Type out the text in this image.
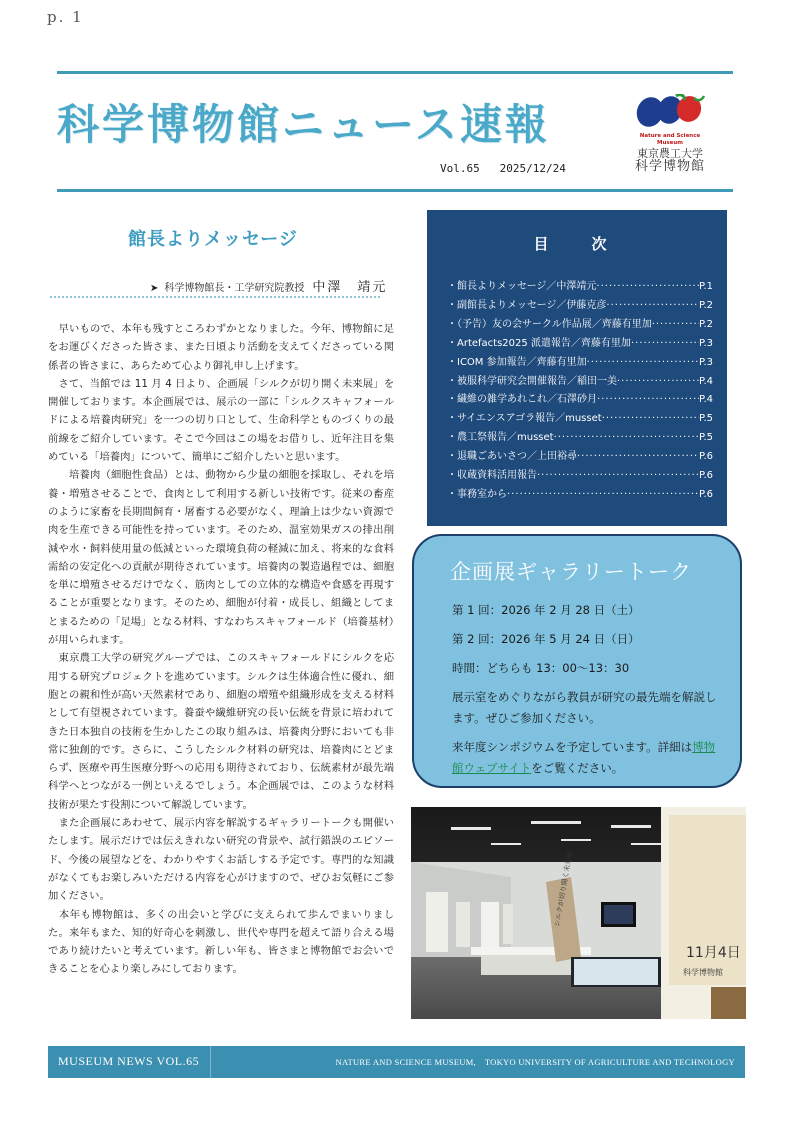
p. 1
科学博物館ニュース速報	Nature and Science Museum
東京農工大学
科学博物館
Vol.65   2025/12/24
館長よりメッセージ
➤ 科学博物館長・工学研究院教授 中澤　靖元

　早いもので、本年も残すところわずかとなりました。今年、博物館に足をお運びくださった皆さま、また日頃より活動を支えてくださっている関係者の皆さまに、あらためて心より御礼申し上げます。

　さて、当館では 11 月 4 日より、企画展「シルクが切り開く未来展」を開催しております。本企画展では、展示の一部に「シルクスキャフォールドによる培養肉研究」を一つの切り口として、生命科学とものづくりの最前線をご紹介しています。そこで今回はこの場をお借りし、近年注目を集めている「培養肉」について、簡単にご紹介したいと思います。

　　培養肉（細胞性食品）とは、動物から少量の細胞を採取し、それを培養・増殖させることで、食肉として利用する新しい技術です。従来の畜産のように家畜を長期間飼育・屠畜する必要がなく、理論上は少ない資源で肉を生産できる可能性を持っています。そのため、温室効果ガスの排出削減や水・飼料使用量の低減といった環境負荷の軽減に加え、将来的な食料需給の安定化への貢献が期待されています。培養肉の製造過程では、細胞を単に増殖させるだけでなく、筋肉としての立体的な構造や食感を再現することが重要となります。そのため、細胞が付着・成長し、組織としてまとまるための「足場」となる材料、すなわちスキャフォールド（培養基材）が用いられます。

　東京農工大学の研究グループでは、このスキャフォールドにシルクを応用する研究プロジェクトを進めています。シルクは生体適合性に優れ、細胞との親和性が高い天然素材であり、細胞の増殖や組織形成を支える材料として有望視されています。養蚕や繊維研究の長い伝統を背景に培われてきた日本独自の技術を生かしたこの取り組みは、培養肉分野においても非常に独創的です。さらに、こうしたシルク材料の研究は、培養肉にとどまらず、医療や再生医療分野への応用も期待されており、伝統素材が最先端科学へとつながる一例といえるでしょう。本企画展では、このような材料技術が果たす役割について解説しています。

　また企画展にあわせて、展示内容を解説するギャラリートークも開催いたします。展示だけでは伝えきれない研究の背景や、試行錯誤のエピソード、今後の展望などを、わかりやすくお話しする予定です。専門的な知識がなくてもお楽しみいただける内容を心がけますので、ぜひお気軽にご参加ください。

　本年も博物館は、多くの出会いと学びに支えられて歩んでまいりました。来年もまた、知的好奇心を刺激し、世代や専門を超えて語り合える場であり続けたいと考えています。新しい年も、皆さまと博物館でお会いできることを心より楽しみにしております。

目　次
・館長よりメッセージ／中澤靖元 ·····	P.1
・副館長よりメッセージ／伊藤克彦 ·····	P.2
・（予告）友の会サークル作品展／齊藤有里加 ·····	P.2
・Artefacts2025 派遣報告／齊藤有里加 ·····	P.3
・ICOM 参加報告／齊藤有里加 ·····	P.3
・被服科学研究会開催報告／稲田一美 ·····	P.4
・繊維の雑学あれこれ／石澤砂月 ·····	P.4
・サイエンスアゴラ報告／musset ·····	P.5
・農工祭報告／musset ·····	P.5
・退職ごあいさつ／上田裕尋 ·····	P.6
・収蔵資料活用報告 ·····	P.6
・事務室から ·····	P.6
企画展ギャラリートーク

第 1 回：2026 年 2 月 28 日（土）

第 2 回：2026 年 5 月 24 日（日）

時間：どちらも 13：00～13：30

展示室をめぐりながら教員が研究の最先端を解説します。ぜひご参加ください。

来年度シンポジウムを予定しています。詳細は博物館ウェブサイトをご覧ください。

シルクが切り開く未来展
11月4日
科学博物館
MUSEUM NEWS VOL.65	NATURE AND SCIENCE MUSEUM,　TOKYO UNIVERSITY OF AGRICULTURE AND TECHNOLOGY
